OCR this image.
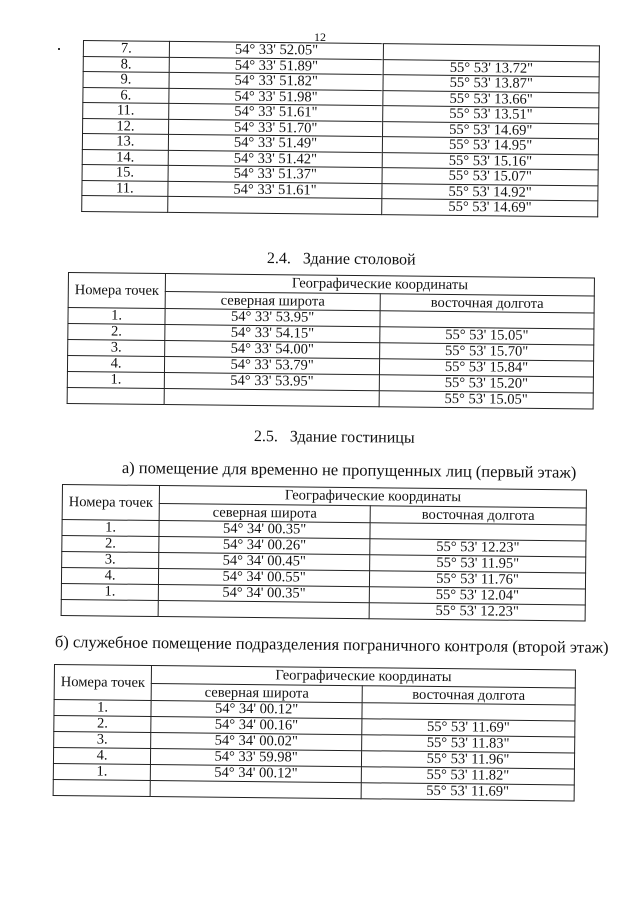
12
7.	54° 33' 52.05"	
8.	54° 33' 51.89"	55° 53' 13.72"
9.	54° 33' 51.82"	55° 53' 13.87"
6.	54° 33' 51.98"	55° 53' 13.66"
11.	54° 33' 51.61"	55° 53' 13.51"
12.	54° 33' 51.70"	55° 53' 14.69"
13.	54° 33' 51.49"	55° 53' 14.95"
14.	54° 33' 51.42"	55° 53' 15.16"
15.	54° 33' 51.37"	55° 53' 15.07"
11.	54° 33' 51.61"	55° 53' 14.92"
		55° 53' 14.69"
2.4. Здание столовой
Номера точек	Географические координаты	
	северная широта	восточная долгота
1.	54° 33' 53.95"	
2.	54° 33' 54.15"	55° 53' 15.05"
3.	54° 33' 54.00"	55° 53' 15.70"
4.	54° 33' 53.79"	55° 53' 15.84"
1.	54° 33' 53.95"	55° 53' 15.20"
		55° 53' 15.05"
2.5. Здание гостиницы
а) помещение для временно не пропущенных лиц (первый этаж)
Номера точек	Географические координаты	
	северная широта	восточная долгота
1.	54° 34' 00.35"	
2.	54° 34' 00.26"	55° 53' 12.23"
3.	54° 34' 00.45"	55° 53' 11.95"
4.	54° 34' 00.55"	55° 53' 11.76"
1.	54° 34' 00.35"	55° 53' 12.04"
		55° 53' 12.23"
б) служебное помещение подразделения пограничного контроля (второй этаж)
Номера точек	Географические координаты	
	северная широта	восточная долгота
1.	54° 34' 00.12"	
2.	54° 34' 00.16"	55° 53' 11.69"
3.	54° 34' 00.02"	55° 53' 11.83"
4.	54° 33' 59.98"	55° 53' 11.96"
1.	54° 34' 00.12"	55° 53' 11.82"
		55° 53' 11.69"
